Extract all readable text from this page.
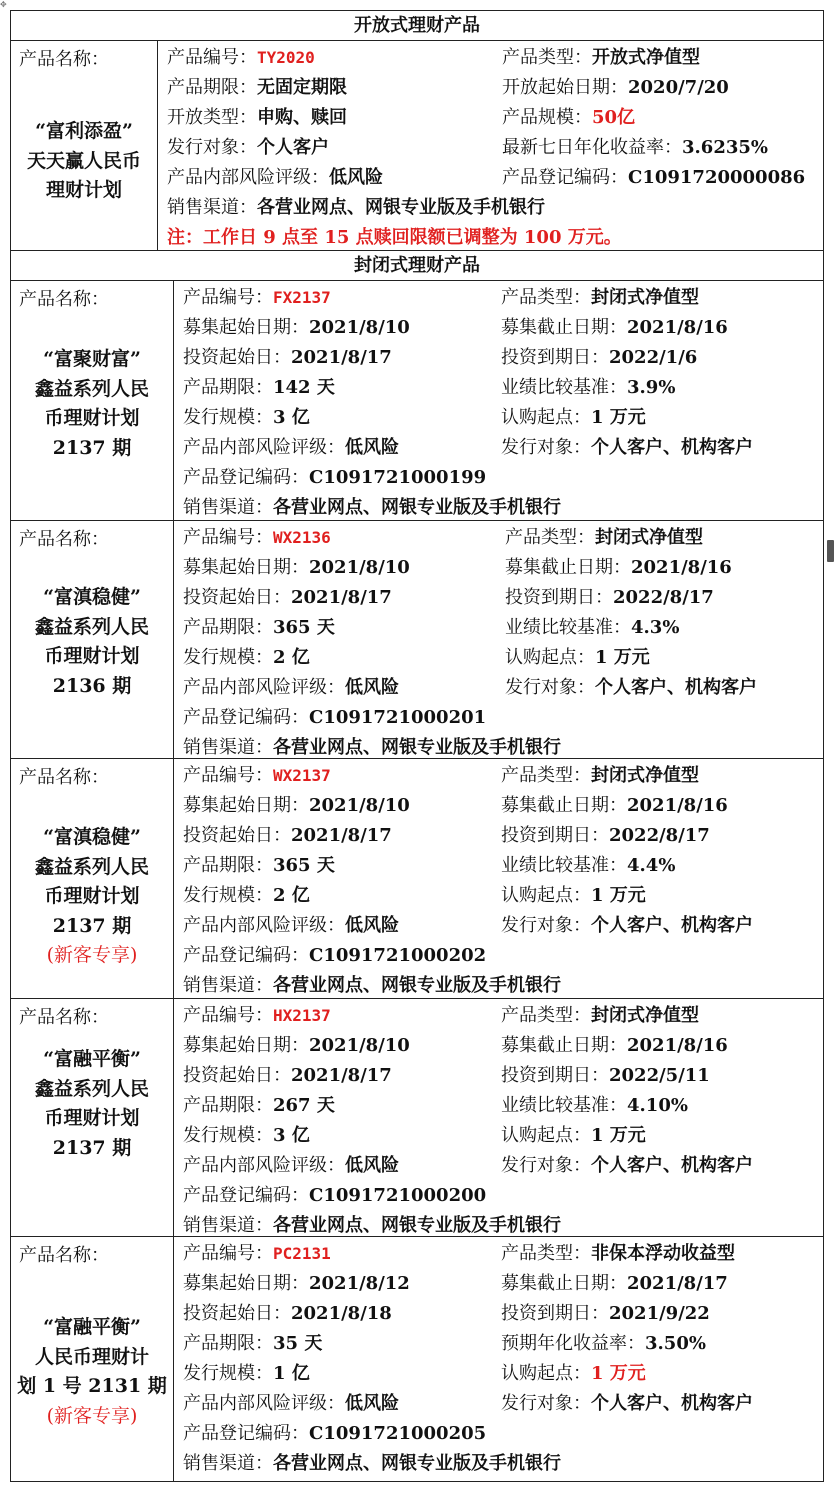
✥
开放式理财产品
产品名称：
“富利添盈”
天天赢人民币
理财计划
产品编号：TY2020	产品类型：开放式净值型
产品期限：无固定期限	开放起始日期：2020/7/20
开放类型：申购、赎回	产品规模：50亿
发行对象：个人客户	最新七日年化收益率：3.6235%
产品内部风险评级：低风险	产品登记编码：C1091720000086
销售渠道：各营业网点、网银专业版及手机银行
注：工作日 9 点至 15 点赎回限额已调整为 100 万元。
封闭式理财产品
产品名称：
“富聚财富”
鑫益系列人民
币理财计划
2137 期
产品编号：FX2137	产品类型：封闭式净值型
募集起始日期：2021/8/10	募集截止日期：2021/8/16
投资起始日：2021/8/17	投资到期日：2022/1/6
产品期限：142 天	业绩比较基准：3.9%
发行规模：3 亿	认购起点：1 万元
产品内部风险评级：低风险	发行对象：个人客户、机构客户
产品登记编码：C1091721000199
销售渠道：各营业网点、网银专业版及手机银行
产品名称：
“富滇稳健”
鑫益系列人民
币理财计划
2136 期
产品编号：WX2136	产品类型：封闭式净值型
募集起始日期：2021/8/10	募集截止日期：2021/8/16
投资起始日：2021/8/17	投资到期日：2022/8/17
产品期限：365 天	业绩比较基准：4.3%
发行规模：2 亿	认购起点：1 万元
产品内部风险评级：低风险	发行对象：个人客户、机构客户
产品登记编码：C1091721000201
销售渠道：各营业网点、网银专业版及手机银行
产品名称：
“富滇稳健”
鑫益系列人民
币理财计划
2137 期
(新客专享)
产品编号：WX2137	产品类型：封闭式净值型
募集起始日期：2021/8/10	募集截止日期：2021/8/16
投资起始日：2021/8/17	投资到期日：2022/8/17
产品期限：365 天	业绩比较基准：4.4%
发行规模：2 亿	认购起点：1 万元
产品内部风险评级：低风险	发行对象：个人客户、机构客户
产品登记编码：C1091721000202
销售渠道：各营业网点、网银专业版及手机银行
产品名称：
“富融平衡”
鑫益系列人民
币理财计划
2137 期
产品编号：HX2137	产品类型：封闭式净值型
募集起始日期：2021/8/10	募集截止日期：2021/8/16
投资起始日：2021/8/17	投资到期日：2022/5/11
产品期限：267 天	业绩比较基准：4.10%
发行规模：3 亿	认购起点：1 万元
产品内部风险评级：低风险	发行对象：个人客户、机构客户
产品登记编码：C1091721000200
销售渠道：各营业网点、网银专业版及手机银行
产品名称：
“富融平衡”
人民币理财计
划 1 号 2131 期
(新客专享)
产品编号：PC2131	产品类型：非保本浮动收益型
募集起始日期：2021/8/12	募集截止日期：2021/8/17
投资起始日：2021/8/18	投资到期日：2021/9/22
产品期限：35 天	预期年化收益率：3.50%
发行规模：1 亿	认购起点：1 万元
产品内部风险评级：低风险	发行对象：个人客户、机构客户
产品登记编码：C1091721000205
销售渠道：各营业网点、网银专业版及手机银行
